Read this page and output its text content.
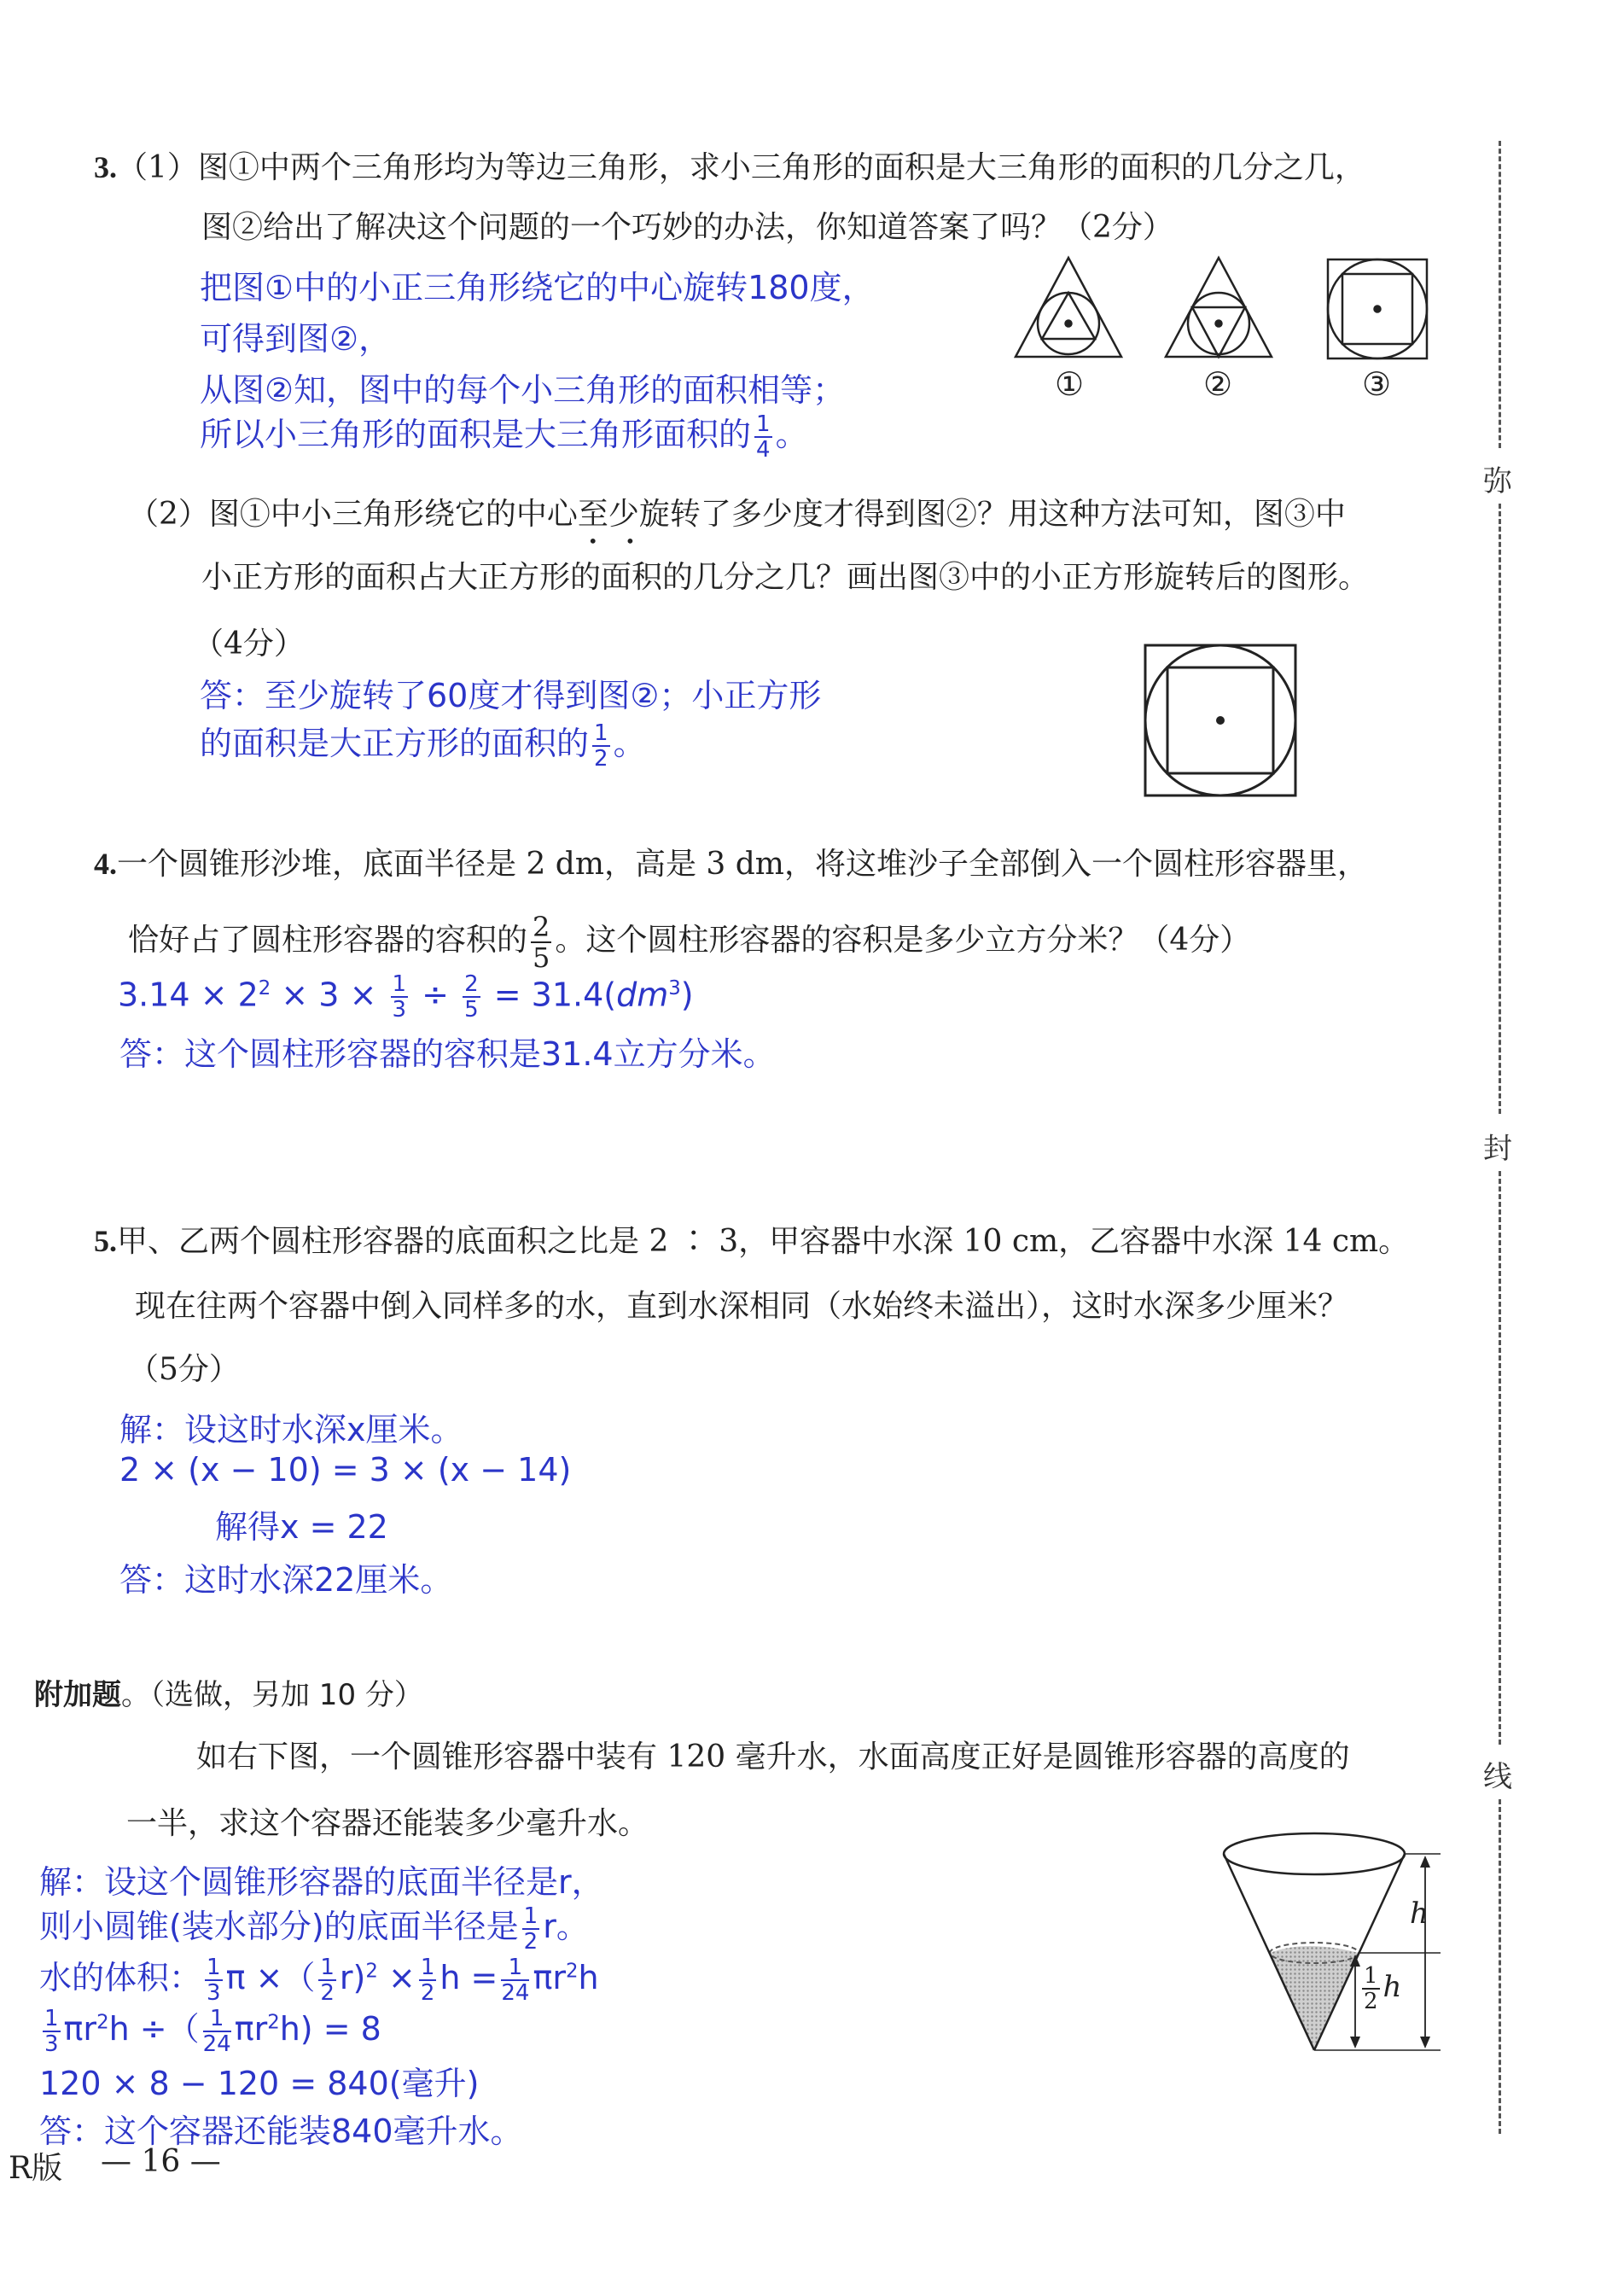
3.（1）图①中两个三角形均为等边三角形，求小三角形的面积是大三角形的面积的几分之几，
图②给出了解决这个问题的一个巧妙的办法，你知道答案了吗？（2分）
把图①中的小正三角形绕它的中心旋转180度，
可得到图②，
从图②知，图中的每个小三角形的面积相等；
所以小三角形的面积是大三角形面积的 $\frac{1}{4}$ 。
①	②	③
（2）图①中小三角形绕它的中心至少
•     •
旋转了多少度才得到图②？用这种方法可知，图③中
小正方形的面积占大正方形的面积的几分之几？画出图③中的小正方形旋转后的图形。
（4分）
答：至少旋转了60度才得到图②；小正方形
的面积是大正方形的面积的 $\frac{1}{2}$ 。
4.一个圆锥形沙堆，底面半径是 2 dm，高是 3 dm，将这堆沙子全部倒入一个圆柱形容器里，
恰好占了圆柱形容器的容积的 $\frac{2}{5}$ 。这个圆柱形容器的容积是多少立方分米？（4分）
$3.14 \times 2^2 \times 3 \times \frac{1}{3} \div \frac{2}{5} = 31.4(dm^3)$
答：这个圆柱形容器的容积是31.4立方分米。
5.甲、乙两个圆柱形容器的底面积之比是 2 ∶ 3，甲容器中水深 10 cm，乙容器中水深 14 cm。
现在往两个容器中倒入同样多的水，直到水深相同（水始终未溢出），这时水深多少厘米？
（5分）
解：设这时水深x厘米。
2 × (x − 10) = 3 × (x − 14)
解得x = 22
答：这时水深22厘米。
附加题。（选做，另加 10 分）
如右下图，一个圆锥形容器中装有 120 毫升水，水面高度正好是圆锥形容器的高度的
一半，求这个容器还能装多少毫升水。
解：设这个圆锥形容器的底面半径是r，
则小圆锥(装水部分)的底面半径是 $\frac{1}{2}$ r。
水的体积： $\frac{1}{3}$ π ×（ $\frac{1}{2} r)^2 \times \frac{1}{2}$ $h = \frac{1}{24} \pi r^2h$
$\frac{1}{3} \pi r^2h$ ÷（ $\frac{1}{24} \pi r^2h) = 8$
120 × 8 − 120 = 840(毫升)
答：这个容器还能装840毫升水。
h
$\frac{1}{2}$ h
弥
封
线
R版 — 16 —
